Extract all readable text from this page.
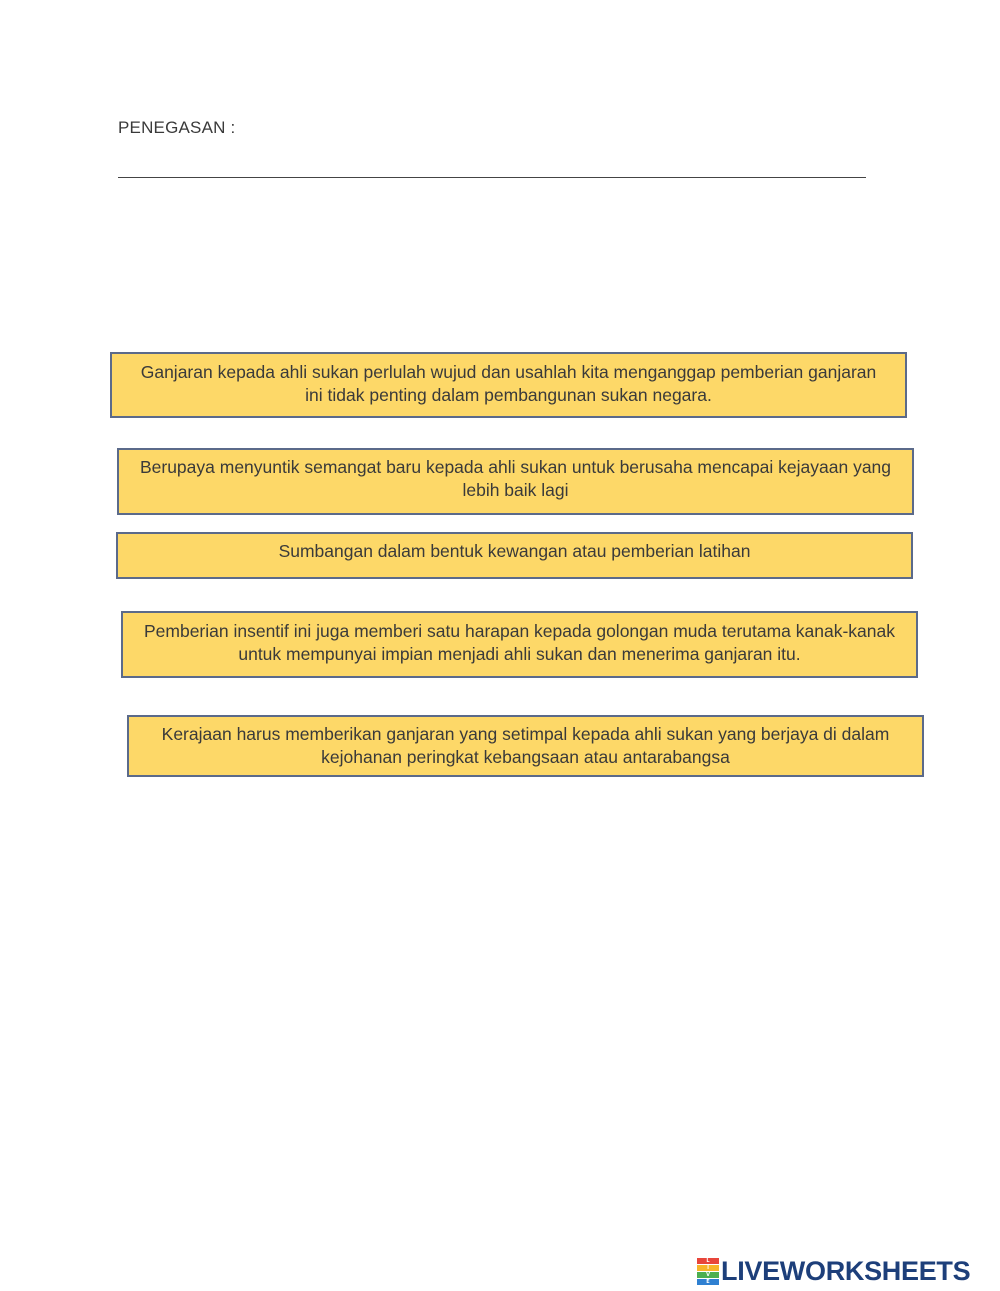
PENEGASAN :
Ganjaran kepada ahli sukan perlulah wujud dan usahlah kita menganggap pemberian ganjaran ini tidak penting dalam pembangunan sukan negara.
Berupaya menyuntik semangat baru kepada ahli sukan untuk berusaha mencapai kejayaan yang lebih baik lagi
Sumbangan dalam bentuk kewangan atau pemberian latihan
Pemberian insentif ini juga memberi satu harapan kepada golongan muda terutama kanak-kanak untuk mempunyai impian menjadi ahli sukan dan menerima ganjaran itu.
Kerajaan harus memberikan ganjaran yang setimpal kepada ahli sukan yang berjaya di dalam kejohanan peringkat kebangsaan atau antarabangsa
L
I
V
E LIVEWORKSHEETS
